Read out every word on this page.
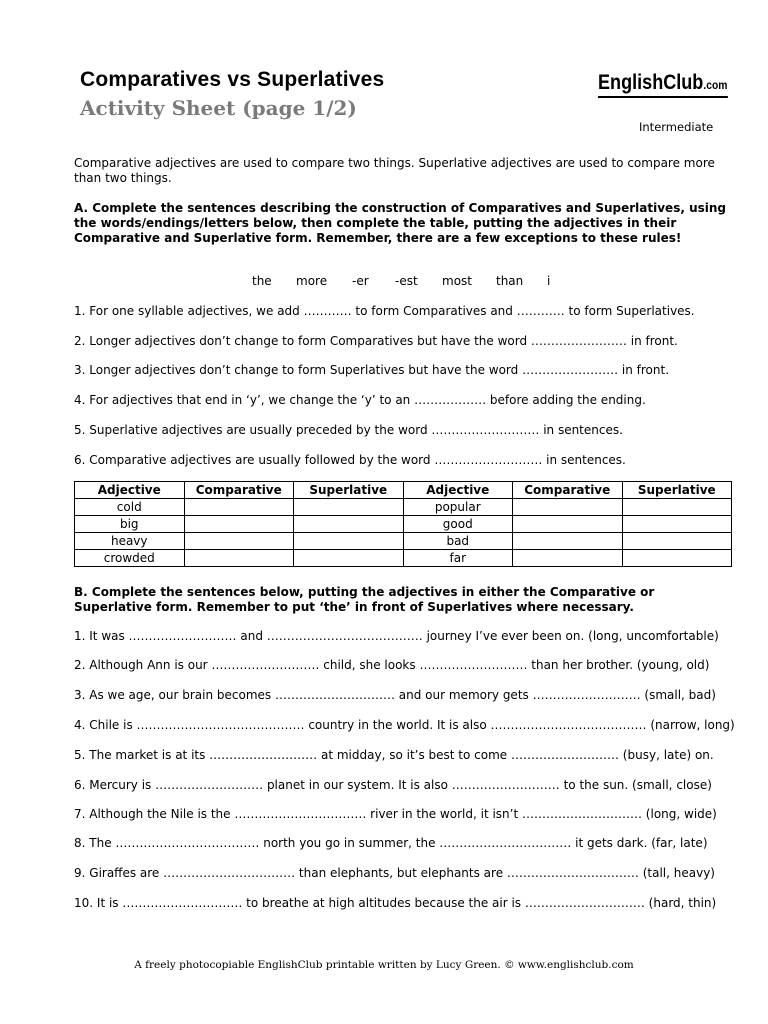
Comparatives vs Superlatives
Activity Sheet (page 1/2)
EnglishClub.com
Intermediate
Comparative adjectives are used to compare two things. Superlative adjectives are used to compare more than two things.
A. Complete the sentences describing the construction of Comparatives and Superlatives, using the words/endings/letters below, then complete the table, putting the adjectives in their Comparative and Superlative form. Remember, there are a few exceptions to these rules!
the more -er -est most than i
1. For one syllable adjectives, we add ………… to form Comparatives and ………… to form Superlatives.
2. Longer adjectives don’t change to form Comparatives but have the word …………………… in front.
3. Longer adjectives don’t change to form Superlatives but have the word …………………… in front.
4. For adjectives that end in ‘y’, we change the ‘y’ to an ……………… before adding the ending.
5. Superlative adjectives are usually preceded by the word ……………………… in sentences.
6. Comparative adjectives are usually followed by the word ……………………… in sentences.
Adjective	Comparative	Superlative	Adjective	Comparative	Superlative
cold			popular		
big			good		
heavy			bad		
crowded			far		
B. Complete the sentences below, putting the adjectives in either the Comparative or Superlative form. Remember to put ‘the’ in front of Superlatives where necessary.
1. It was ……………………… and ………………………………… journey I’ve ever been on. (long, uncomfortable)
2. Although Ann is our ……………………… child, she looks ……………………… than her brother. (young, old)
3. As we age, our brain becomes ………………………… and our memory gets ……………………… (small, bad)
4. Chile is …………………………………… country in the world. It is also ………………………………… (narrow, long)
5. The market is at its ……………………… at midday, so it’s best to come ……………………… (busy, late) on.
6. Mercury is ……………………… planet in our system. It is also ……………………… to the sun. (small, close)
7. Although the Nile is the …………………………… river in the world, it isn’t ………………………… (long, wide)
8. The ……………………………… north you go in summer, the …………………………… it gets dark. (far, late)
9. Giraffes are …………………………… than elephants, but elephants are …………………………… (tall, heavy)
10. It is ………………………… to breathe at high altitudes because the air is ………………………… (hard, thin)
A freely photocopiable EnglishClub printable written by Lucy Green. © www.englishclub.com
